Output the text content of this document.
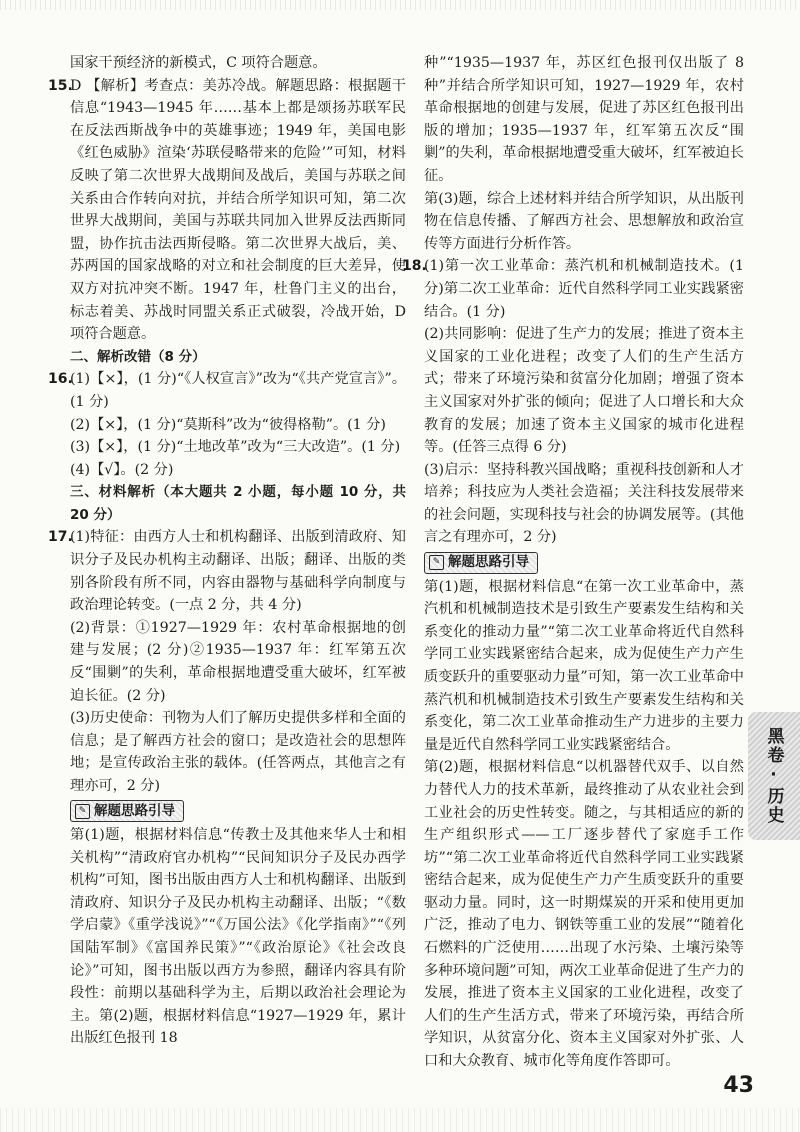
国家干预经济的新模式，C 项符合题意。

15.D 【解析】考查点：美苏冷战。解题思路：根据题干信息“1943—1945 年……基本上都是颂扬苏联军民在反法西斯战争中的英雄事迹；1949 年，美国电影《红色威胁》渲染‘苏联侵略带来的危险’”可知，材料反映了第二次世界大战期间及战后，美国与苏联之间关系由合作转向对抗，并结合所学知识可知，第二次世界大战期间，美国与苏联共同加入世界反法西斯同盟，协作抗击法西斯侵略。第二次世界大战后，美、苏两国的国家战略的对立和社会制度的巨大差异，使双方对抗冲突不断。1947 年，杜鲁门主义的出台，标志着美、苏战时同盟关系正式破裂，冷战开始，D 项符合题意。

二、解析改错（8 分）

16.(1)【×】，(1 分)“《人权宣言》”改为“《共产党宣言》”。(1 分)

(2)【×】，(1 分)“莫斯科”改为“彼得格勒”。(1 分)

(3)【×】，(1 分)“土地改革”改为“三大改造”。(1 分)

(4)【√】。(2 分)

三、材料解析（本大题共 2 小题，每小题 10 分，共 20 分）

17.(1)特征：由西方人士和机构翻译、出版到清政府、知识分子及民办机构主动翻译、出版；翻译、出版的类别各阶段有所不同，内容由器物与基础科学向制度与政治理论转变。(一点 2 分，共 4 分)

(2)背景：①1927—1929 年：农村革命根据地的创建与发展；(2 分)②1935—1937 年：红军第五次反“围剿”的失利，革命根据地遭受重大破坏，红军被迫长征。(2 分)

(3)历史使命：刊物为人们了解历史提供多样和全面的信息；是了解西方社会的窗口；是改造社会的思想阵地；是宣传政治主张的载体。(任答两点，其他言之有理亦可，2 分)

✎ 解题思路引导

第(1)题，根据材料信息“传教士及其他来华人士和相关机构”“清政府官办机构”“民间知识分子及民办西学机构”可知，图书出版由西方人士和机构翻译、出版到清政府、知识分子及民办机构主动翻译、出版；“《数学启蒙》《重学浅说》”“《万国公法》《化学指南》”“《列国陆军制》《富国养民策》”“《政治原论》《社会改良论》”可知，图书出版以西方为参照，翻译内容具有阶段性：前期以基础科学为主，后期以政治社会理论为主。第(2)题，根据材料信息“1927—1929 年，累计出版红色报刊 18

种”“1935—1937 年，苏区红色报刊仅出版了 8 种”并结合所学知识可知，1927—1929 年，农村革命根据地的创建与发展，促进了苏区红色报刊出版的增加；1935—1937 年，红军第五次反“围剿”的失利，革命根据地遭受重大破坏，红军被迫长征。

第(3)题，综合上述材料并结合所学知识，从出版刊物在信息传播、了解西方社会、思想解放和政治宣传等方面进行分析作答。

18.(1)第一次工业革命：蒸汽机和机械制造技术。(1 分)第二次工业革命：近代自然科学同工业实践紧密结合。(1 分)

(2)共同影响：促进了生产力的发展；推进了资本主义国家的工业化进程；改变了人们的生产生活方式；带来了环境污染和贫富分化加剧；增强了资本主义国家对外扩张的倾向；促进了人口增长和大众教育的发展；加速了资本主义国家的城市化进程等。(任答三点得 6 分)

(3)启示：坚持科教兴国战略；重视科技创新和人才培养；科技应为人类社会造福；关注科技发展带来的社会问题，实现科技与社会的协调发展等。(其他言之有理亦可，2 分)

✎ 解题思路引导

第(1)题，根据材料信息“在第一次工业革命中，蒸汽机和机械制造技术是引致生产要素发生结构和关系变化的推动力量”“第二次工业革命将近代自然科学同工业实践紧密结合起来，成为促使生产力产生质变跃升的重要驱动力量”可知，第一次工业革命中蒸汽机和机械制造技术引致生产要素发生结构和关系变化，第二次工业革命推动生产力进步的主要力量是近代自然科学同工业实践紧密结合。

第(2)题，根据材料信息“以机器替代双手、以自然力替代人力的技术革新，最终推动了从农业社会到工业社会的历史性转变。随之，与其相适应的新的生产组织形式——工厂逐步替代了家庭手工作坊”“第二次工业革命将近代自然科学同工业实践紧密结合起来，成为促使生产力产生质变跃升的重要驱动力量。同时，这一时期煤炭的开采和使用更加广泛，推动了电力、钢铁等重工业的发展”“随着化石燃料的广泛使用……出现了水污染、土壤污染等多种环境问题”可知，两次工业革命促进了生产力的发展，推进了资本主义国家的工业化进程，改变了人们的生产生活方式，带来了环境污染，再结合所学知识，从贫富分化、资本主义国家对外扩张、人口和大众教育、城市化等角度作答即可。

黑卷·历史
43
